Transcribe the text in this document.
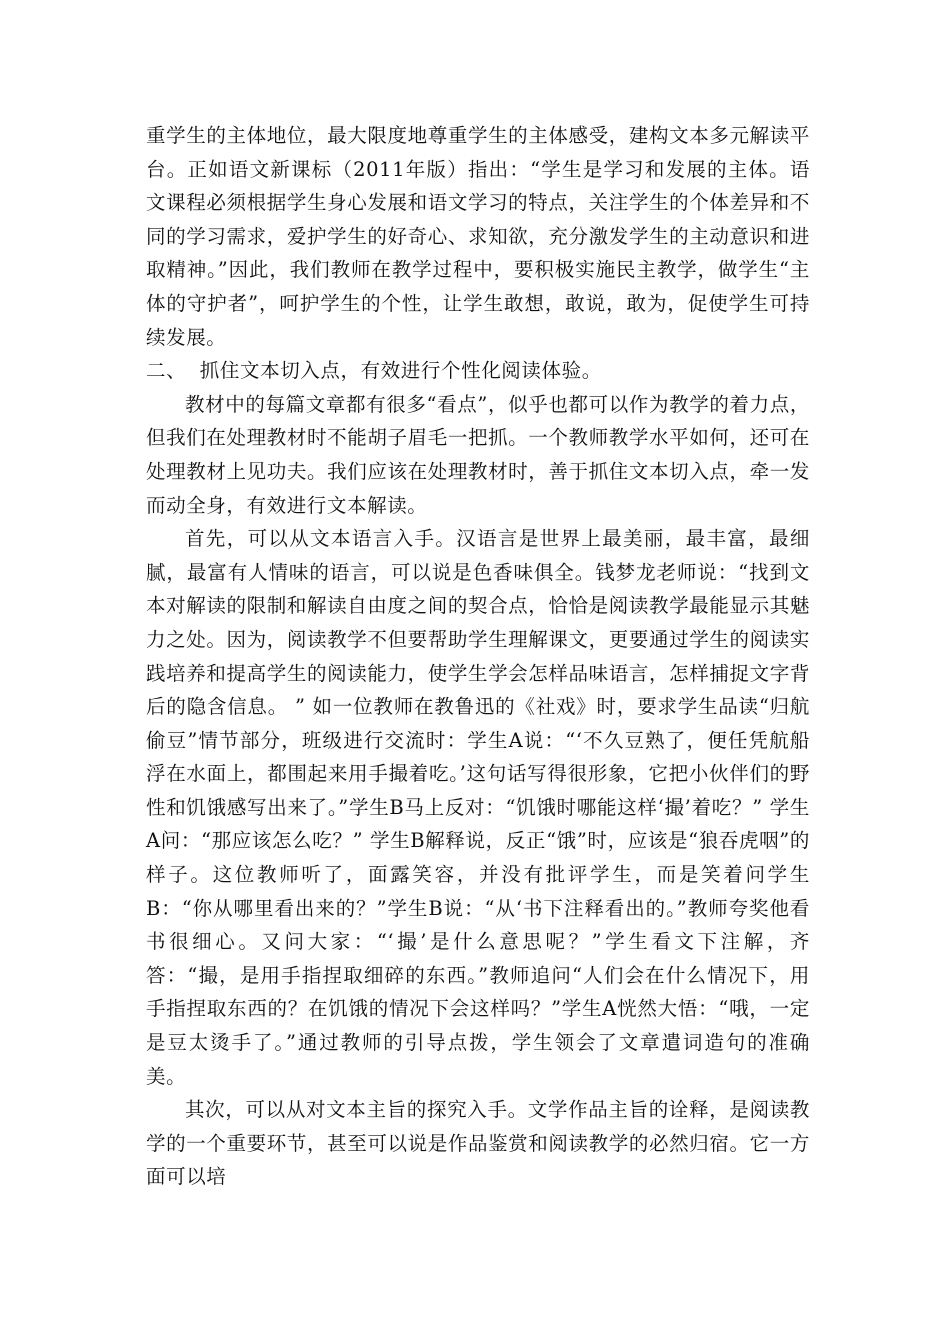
重学生的主体地位，最大限度地尊重学生的主体感受，建构文本多元解读平台。正如语文新课标（2011年版）指出：“学生是学习和发展的主体。语文课程必须根据学生身心发展和语文学习的特点，关注学生的个体差异和不同的学习需求，爱护学生的好奇心、求知欲，充分激发学生的主动意识和进取精神。”因此，我们教师在教学过程中，要积极实施民主教学，做学生“主体的守护者”，呵护学生的个性，让学生敢想，敢说，敢为，促使学生可持续发展。

二、  抓住文本切入点，有效进行个性化阅读体验。

教材中的每篇文章都有很多“看点”，似乎也都可以作为教学的着力点，但我们在处理教材时不能胡子眉毛一把抓。一个教师教学水平如何，还可在处理教材上见功夫。我们应该在处理教材时，善于抓住文本切入点，牵一发而动全身，有效进行文本解读。

首先，可以从文本语言入手。汉语言是世界上最美丽，最丰富，最细腻，最富有人情味的语言，可以说是色香味俱全。钱梦龙老师说：“找到文本对解读的限制和解读自由度之间的契合点，恰恰是阅读教学最能显示其魅力之处。因为，阅读教学不但要帮助学生理解课文，更要通过学生的阅读实践培养和提高学生的阅读能力，使学生学会怎样品味语言，怎样捕捉文字背后的隐含信息。 ” 如一位教师在教鲁迅的《社戏》时，要求学生品读“归航偷豆”情节部分，班级进行交流时：学生A说：“‘不久豆熟了，便任凭航船浮在水面上，都围起来用手撮着吃。’这句话写得很形象，它把小伙伴们的野性和饥饿感写出来了。”学生B马上反对：“饥饿时哪能这样‘撮’着吃？” 学生A问：“那应该怎么吃？” 学生B解释说，反正“饿”时，应该是“狼吞虎咽”的样子。这位教师听了，面露笑容，并没有批评学生，而是笑着问学生B：“你从哪里看出来的？”学生B说：“从‘书下注释看出的。”教师夸奖他看书很细心。又问大家：“‘撮’是什么意思呢？”学生看文下注解，齐答：“撮，是用手指捏取细碎的东西。”教师追问“人们会在什么情况下，用手指捏取东西的？在饥饿的情况下会这样吗？”学生A恍然大悟：“哦，一定是豆太烫手了。”通过教师的引导点拨，学生领会了文章遣词造句的准确美。

其次，可以从对文本主旨的探究入手。文学作品主旨的诠释，是阅读教学的一个重要环节，甚至可以说是作品鉴赏和阅读教学的必然归宿。它一方面可以培
